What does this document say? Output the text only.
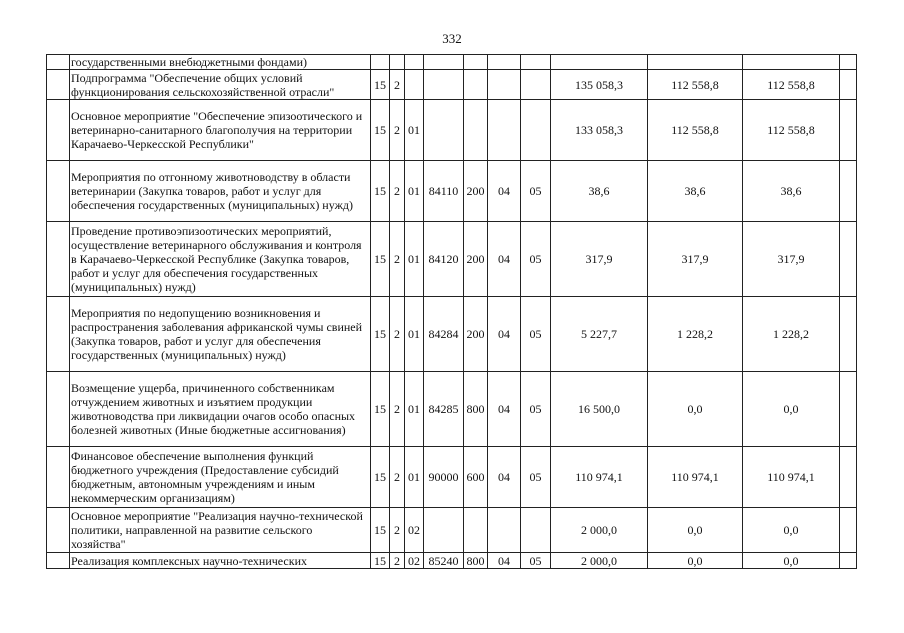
332
	государственными внебюджетными фондами)											
	Подпрограмма "Обеспечение общих условий функционирования сельскохозяйственной отрасли"	15	2						135 058,3	112 558,8	112 558,8	
	Основное мероприятие "Обеспечение эпизоотического и ветеринарно-санитарного благополучия на территории Карачаево-Черкесской Республики"	15	2	01					133 058,3	112 558,8	112 558,8	
	Мероприятия по отгонному животноводству в области ветеринарии (Закупка товаров, работ и услуг для обеспечения государственных (муниципальных) нужд)	15	2	01	84110	200	04	05	38,6	38,6	38,6	
	Проведение противоэпизоотических мероприятий, осуществление ветеринарного обслуживания и контроля в Карачаево-Черкесской Республике (Закупка товаров, работ и услуг для обеспечения государственных (муниципальных) нужд)	15	2	01	84120	200	04	05	317,9	317,9	317,9	
	Мероприятия по недопущению возникновения и распространения заболевания африканской чумы свиней (Закупка товаров, работ и услуг для обеспечения государственных (муниципальных) нужд)	15	2	01	84284	200	04	05	5 227,7	1 228,2	1 228,2	
	Возмещение ущерба, причиненного собственникам отчуждением животных и изъятием продукции животноводства при ликвидации очагов особо опасных болезней животных (Иные бюджетные ассигнования)	15	2	01	84285	800	04	05	16 500,0	0,0	0,0	
	Финансовое обеспечение выполнения функций бюджетного учреждения (Предоставление субсидий бюджетным, автономным учреждениям и иным некоммерческим организациям)	15	2	01	90000	600	04	05	110 974,1	110 974,1	110 974,1	
	Основное мероприятие "Реализация научно-технической политики, направленной на развитие сельского хозяйства"	15	2	02					2 000,0	0,0	0,0	
	Реализация комплексных научно-технических	15	2	02	85240	800	04	05	2 000,0	0,0	0,0	
